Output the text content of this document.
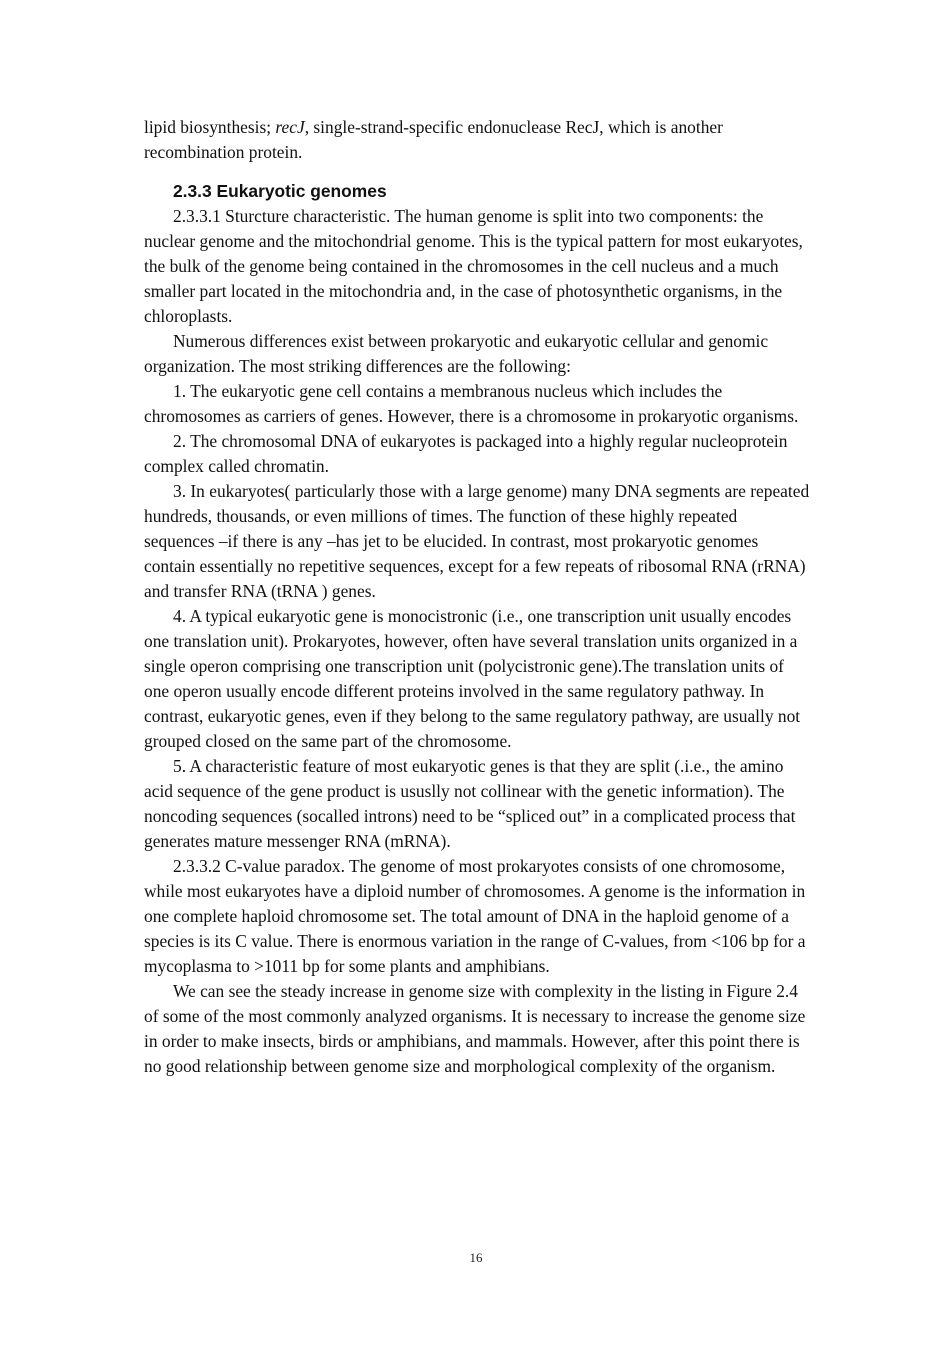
lipid biosynthesis; recJ, single-strand-specific endonuclease RecJ, which is another recombination protein.

2.3.3 Eukaryotic genomes

2.3.3.1 Sturcture characteristic. The human genome is split into two components: the nuclear genome and the mitochondrial genome. This is the typical pattern for most eukaryotes, the bulk of the genome being contained in the chromosomes in the cell nucleus and a much smaller part located in the mitochondria and, in the case of photosynthetic organisms, in the chloroplasts.

Numerous differences exist between prokaryotic and eukaryotic cellular and genomic organization. The most striking differences are the following:

1. The eukaryotic gene cell contains a membranous nucleus which includes the chromosomes as carriers of genes. However, there is a chromosome in prokaryotic organisms.

2. The chromosomal DNA of eukaryotes is packaged into a highly regular nucleoprotein complex called chromatin.

3. In eukaryotes( particularly those with a large genome) many DNA segments are repeated hundreds, thousands, or even millions of times. The function of these highly repeated sequences –if there is any –has jet to be elucided. In contrast, most prokaryotic genomes contain essentially no repetitive sequences, except for a few repeats of ribosomal RNA (rRNA) and transfer RNA (tRNA ) genes.

4. A typical eukaryotic gene is monocistronic (i.e., one transcription unit usually encodes one translation unit). Prokaryotes, however, often have several translation units organized in a single operon comprising one transcription unit (polycistronic gene).The translation units of one operon usually encode different proteins involved in the same regulatory pathway. In contrast, eukaryotic genes, even if they belong to the same regulatory pathway, are usually not grouped closed on the same part of the chromosome.

5. A characteristic feature of most eukaryotic genes is that they are split (.i.e., the amino acid sequence of the gene product is ususlly not collinear with the genetic information). The noncoding sequences (socalled introns) need to be “spliced out” in a complicated process that generates mature messenger RNA (mRNA).

2.3.3.2 C-value paradox. The genome of most prokaryotes consists of one chromosome, while most eukaryotes have a diploid number of chromosomes. A genome is the information in one complete haploid chromosome set. The total amount of DNA in the haploid genome of a species is its C value. There is enormous variation in the range of C-values, from <106 bp for a mycoplasma to >1011 bp for some plants and amphibians.

We can see the steady increase in genome size with complexity in the listing in Figure 2.4 of some of the most commonly analyzed organisms. It is necessary to increase the genome size in order to make insects, birds or amphibians, and mammals. However, after this point there is no good relationship between genome size and morphological complexity of the organism.

16
